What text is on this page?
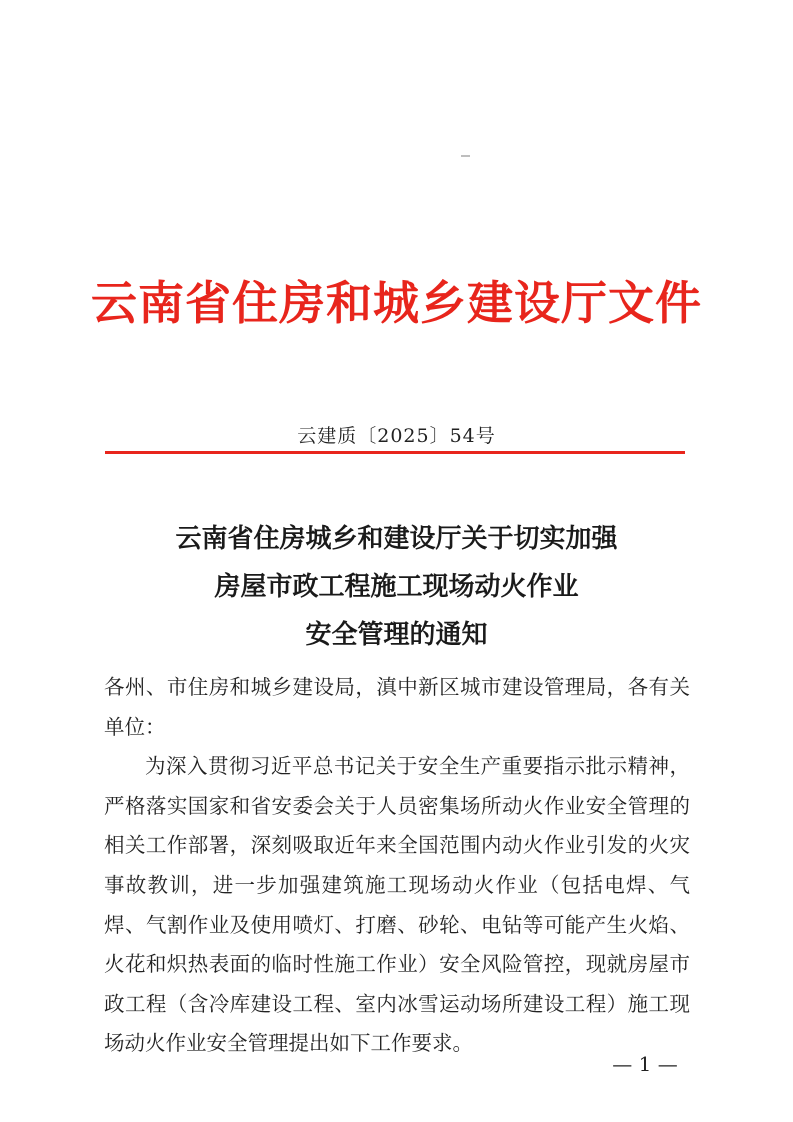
云南省住房和城乡建设厅文件
云建质〔2025〕54号
云南省住房城乡和建设厅关于切实加强
房屋市政工程施工现场动火作业
安全管理的通知

各州、市住房和城乡建设局，滇中新区城市建设管理局，各有关单位：

为深入贯彻习近平总书记关于安全生产重要指示批示精神，严格落实国家和省安委会关于人员密集场所动火作业安全管理的相关工作部署，深刻吸取近年来全国范围内动火作业引发的火灾事故教训，进一步加强建筑施工现场动火作业（包括电焊、气焊、气割作业及使用喷灯、打磨、砂轮、电钻等可能产生火焰、火花和炽热表面的临时性施工作业）安全风险管控，现就房屋市政工程（含冷库建设工程、室内冰雪运动场所建设工程）施工现场动火作业安全管理提出如下工作要求。

— 1 —
